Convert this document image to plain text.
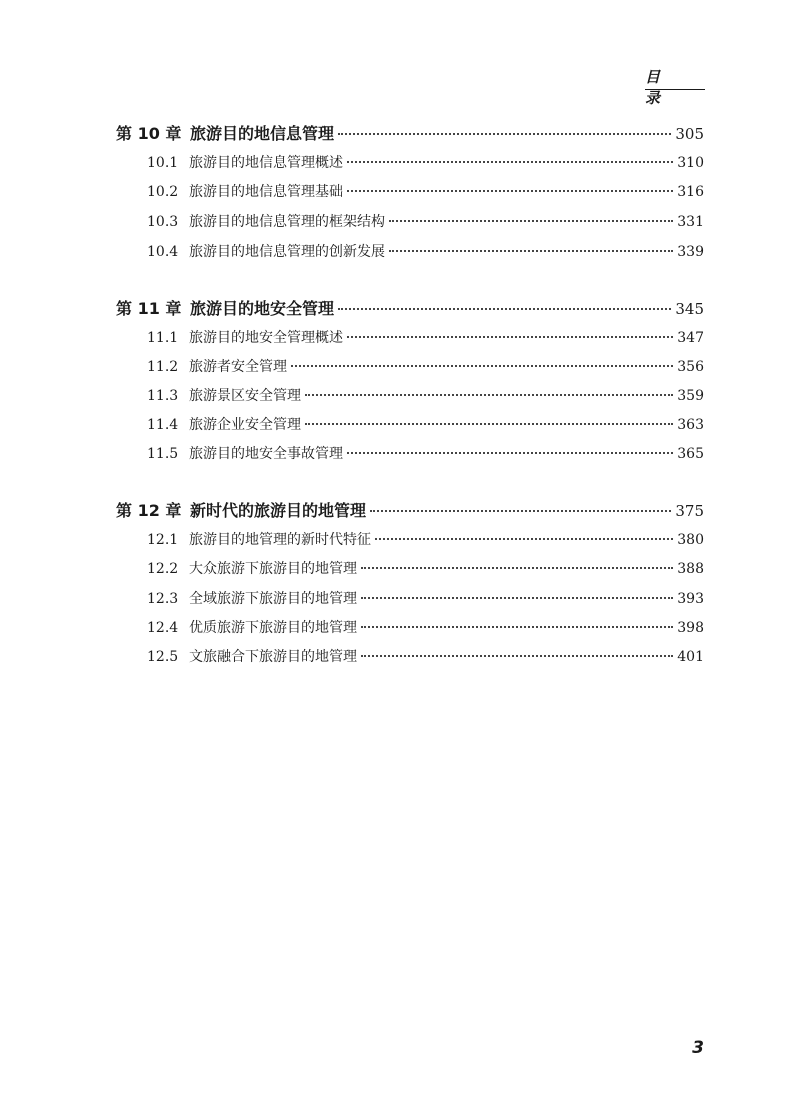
目 录
第 10 章 旅游目的地信息管理	305
10.1 旅游目的地信息管理概述	310
10.2 旅游目的地信息管理基础	316
10.3 旅游目的地信息管理的框架结构	331
10.4 旅游目的地信息管理的创新发展	339
第 11 章 旅游目的地安全管理	345
11.1 旅游目的地安全管理概述	347
11.2 旅游者安全管理	356
11.3 旅游景区安全管理	359
11.4 旅游企业安全管理	363
11.5 旅游目的地安全事故管理	365
第 12 章 新时代的旅游目的地管理	375
12.1 旅游目的地管理的新时代特征	380
12.2 大众旅游下旅游目的地管理	388
12.3 全域旅游下旅游目的地管理	393
12.4 优质旅游下旅游目的地管理	398
12.5 文旅融合下旅游目的地管理	401
3
